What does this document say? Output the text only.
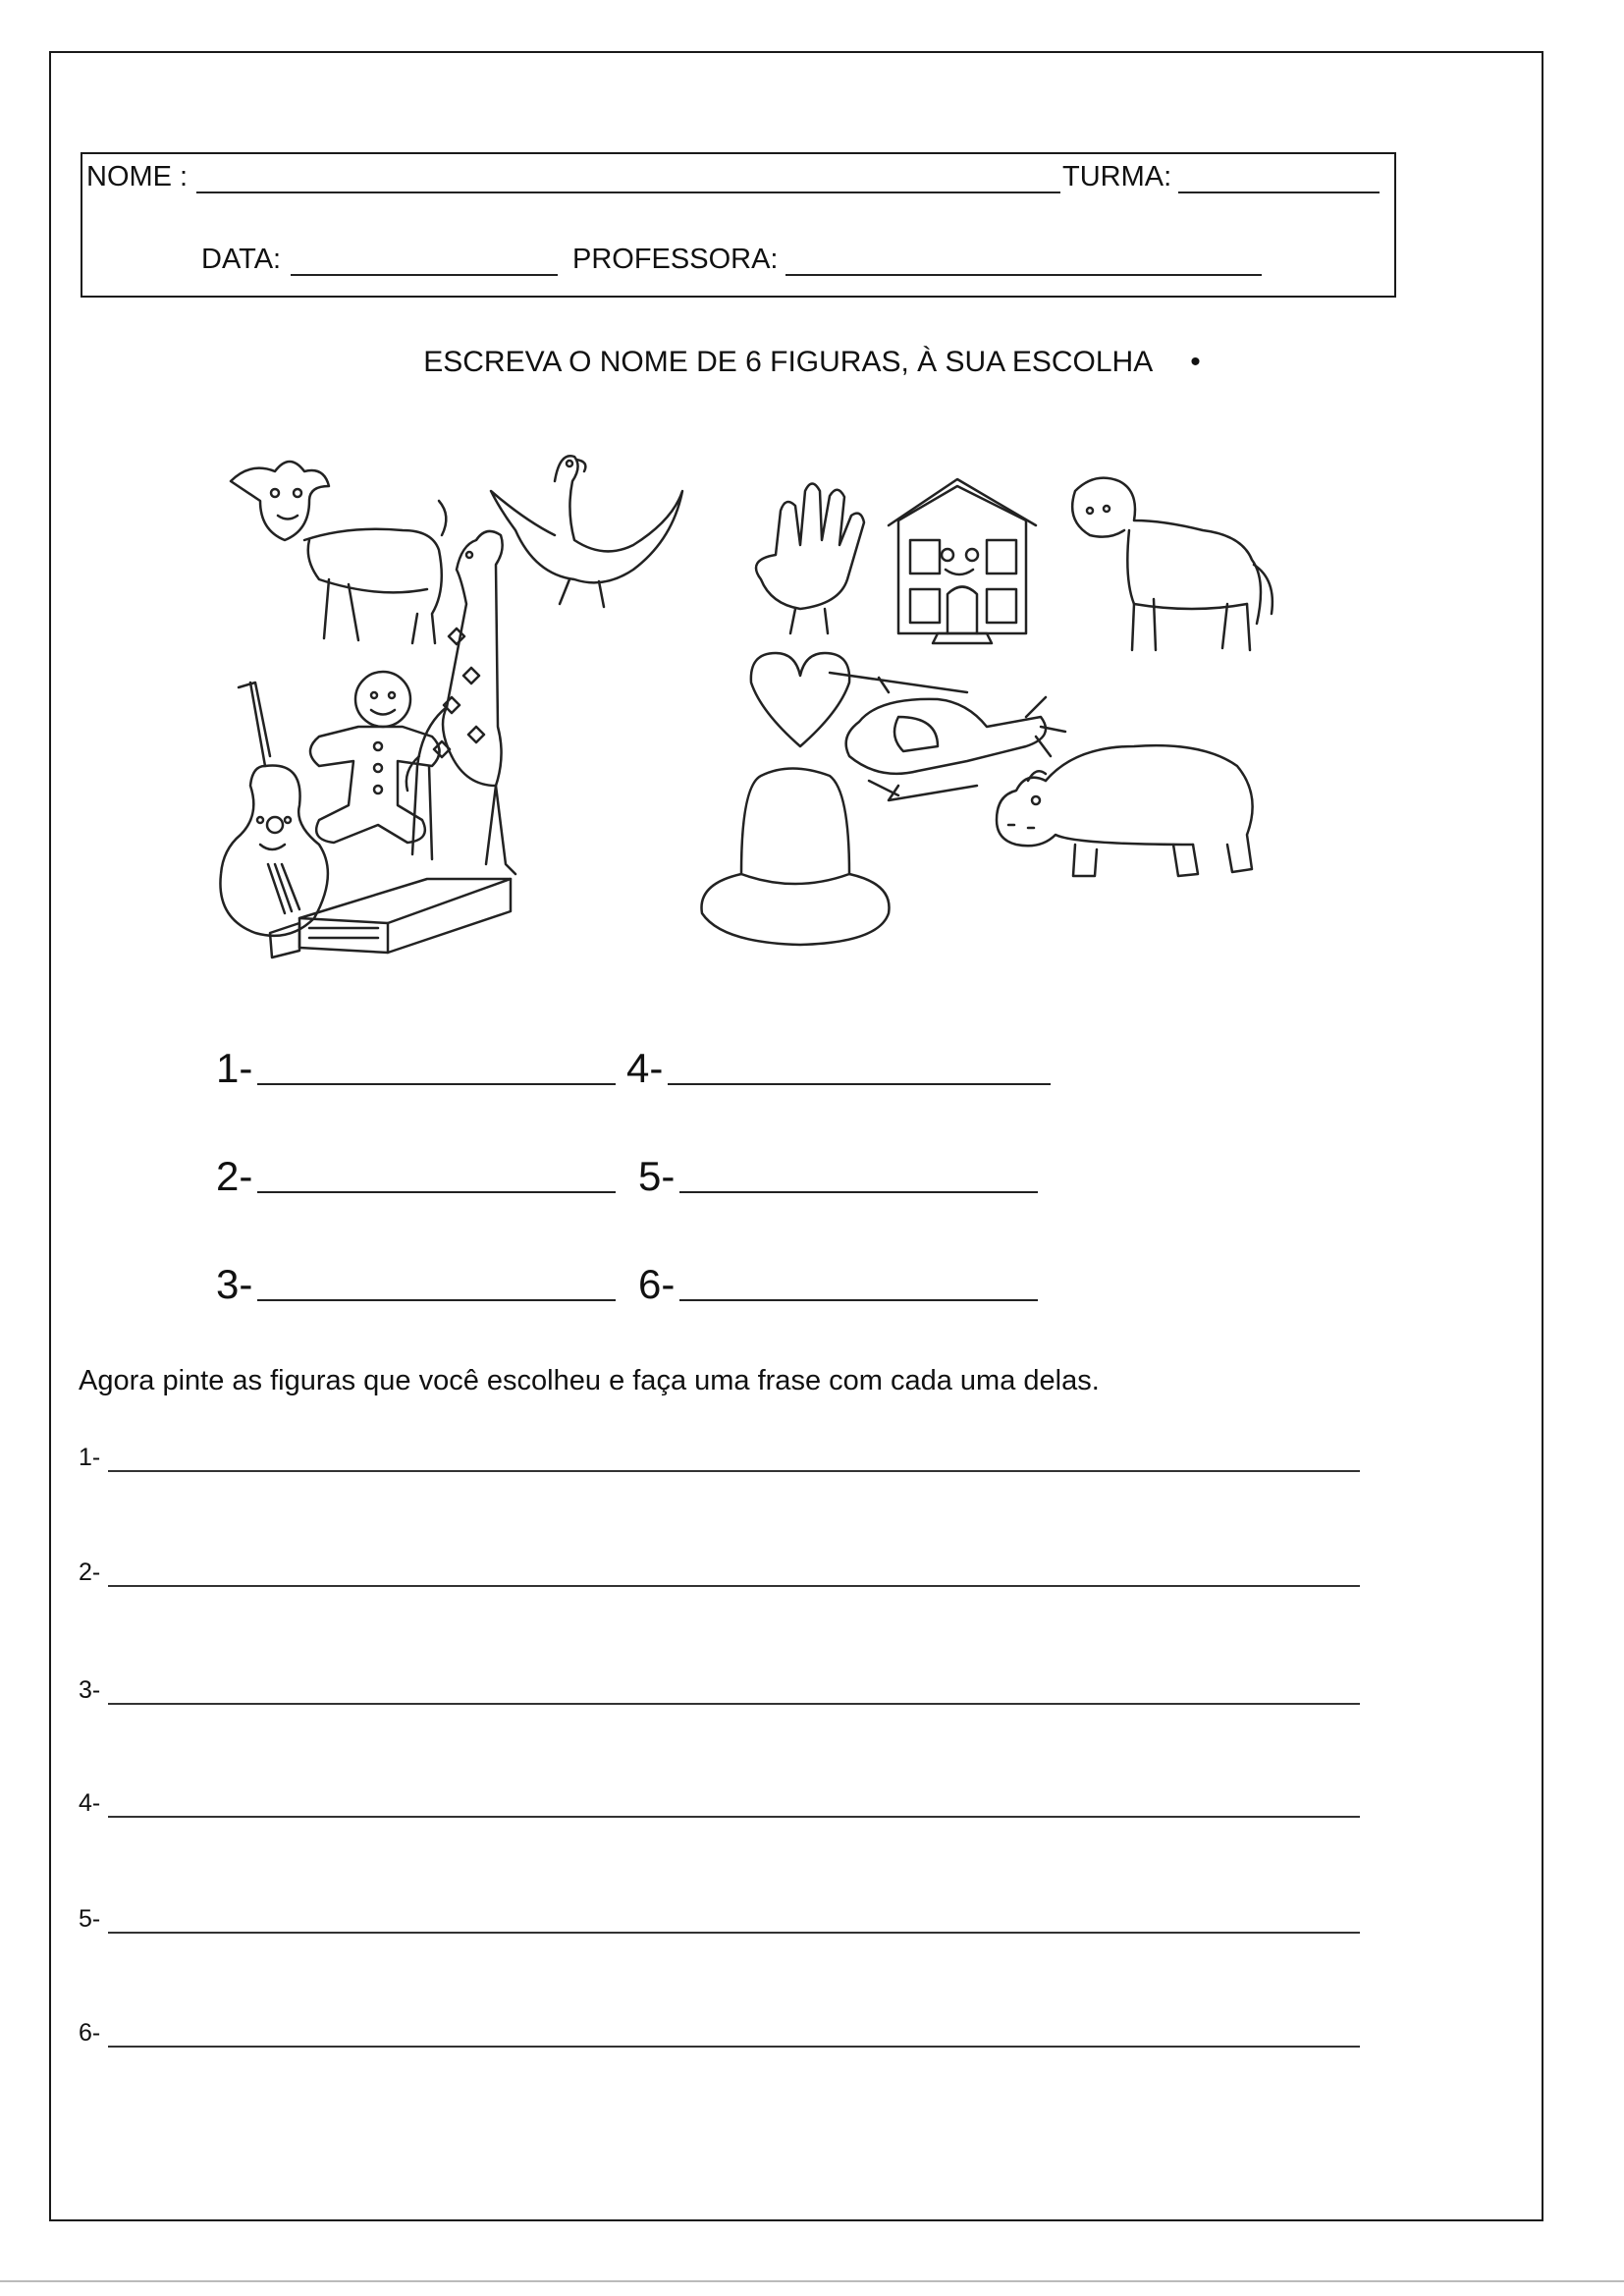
NOME :	TURMA:
DATA:	PROFESSORA:
ESCREVA O NOME DE 6 FIGURAS, À SUA ESCOLHA •
1-	4-
2-	5-
3-	6-
Agora pinte as figuras que você escolheu e faça uma frase com cada uma delas.
1-
2-
3-
4-
5-
6-
